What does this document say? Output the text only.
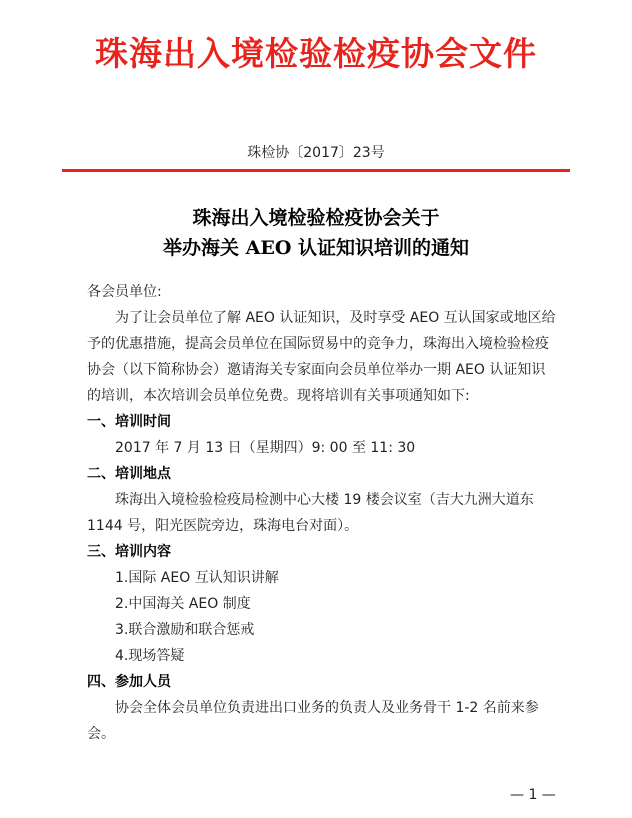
珠海出入境检验检疫协会文件
珠检协〔2017〕23号
珠海出入境检验检疫协会关于
举办海关 AEO 认证知识培训的通知

各会员单位:

为了让会员单位了解 AEO 认证知识，及时享受 AEO 互认国家或地区给予的优惠措施，提高会员单位在国际贸易中的竞争力，珠海出入境检验检疫协会（以下简称协会）邀请海关专家面向会员单位举办一期 AEO 认证知识的培训，本次培训会员单位免费。现将培训有关事项通知如下:

一、培训时间

2017 年 7 月 13 日（星期四）9: 00 至 11: 30

二、培训地点

珠海出入境检验检疫局检测中心大楼 19 楼会议室（吉大九洲大道东 1144 号，阳光医院旁边，珠海电台对面）。

三、培训内容

1.国际 AEO 互认知识讲解

2.中国海关 AEO 制度

3.联合激励和联合惩戒

4.现场答疑

四、参加人员

协会全体会员单位负责进出口业务的负责人及业务骨干 1-2 名前来参会。

— 1 —
